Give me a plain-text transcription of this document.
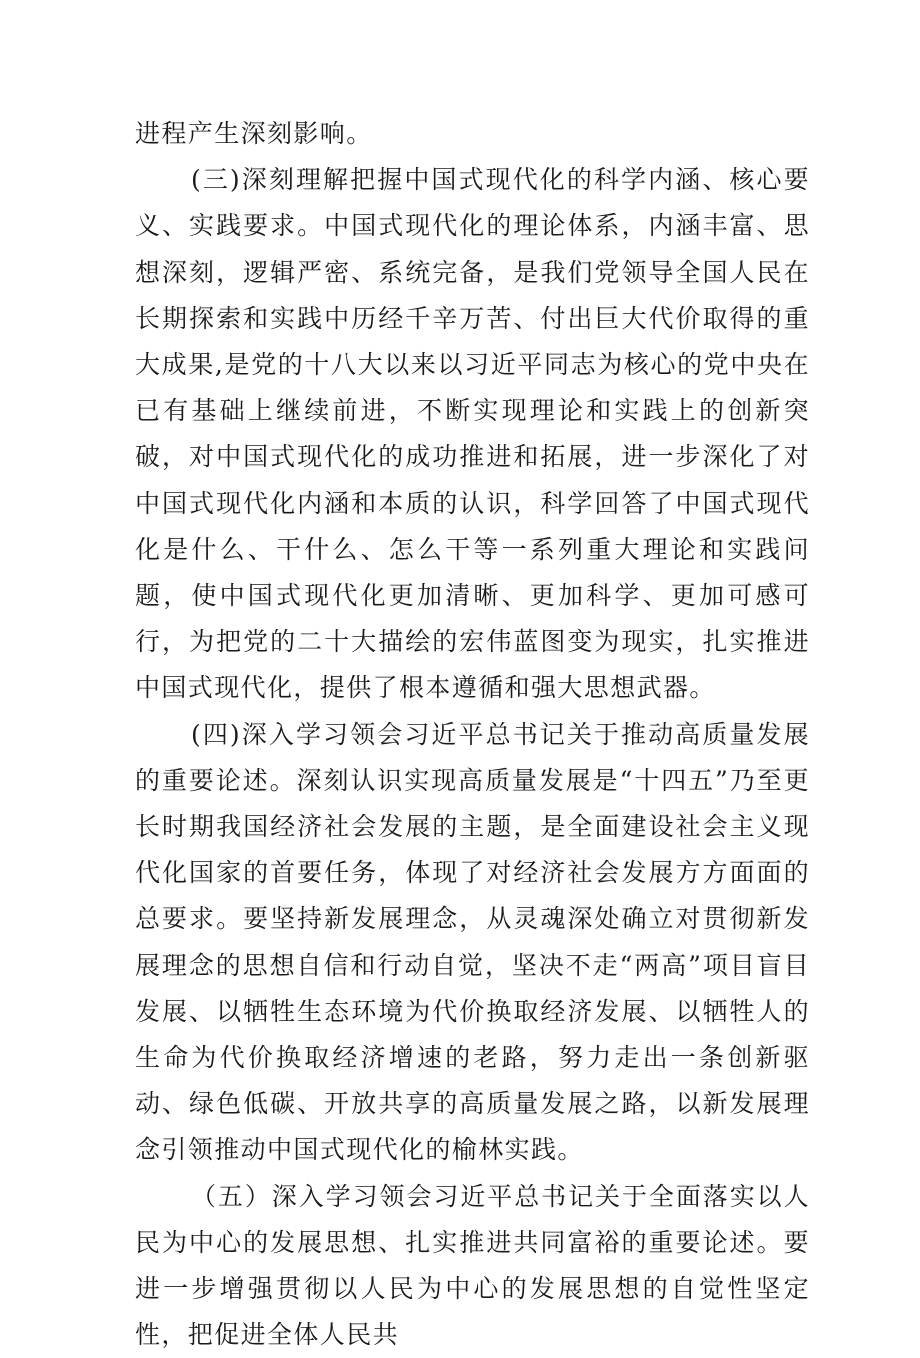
进程产生深刻影响。

(三)深刻理解把握中国式现代化的科学内涵、核心要义、实践要求。中国式现代化的理论体系，内涵丰富、思想深刻，逻辑严密、系统完备，是我们党领导全国人民在长期探索和实践中历经千辛万苦、付出巨大代价取得的重大成果,是党的十八大以来以习近平同志为核心的党中央在已有基础上继续前进，不断实现理论和实践上的创新突破，对中国式现代化的成功推进和拓展，进一步深化了对中国式现代化内涵和本质的认识，科学回答了中国式现代化是什么、干什么、怎么干等一系列重大理论和实践问题，使中国式现代化更加清晰、更加科学、更加可感可行，为把党的二十大描绘的宏伟蓝图变为现实，扎实推进中国式现代化，提供了根本遵循和强大思想武器。

(四)深入学习领会习近平总书记关于推动高质量发展的重要论述。深刻认识实现高质量发展是“十四五”乃至更长时期我国经济社会发展的主题，是全面建设社会主义现代化国家的首要任务，体现了对经济社会发展方方面面的总要求。要坚持新发展理念，从灵魂深处确立对贯彻新发展理念的思想自信和行动自觉，坚决不走“两高”项目盲目发展、以牺牲生态环境为代价换取经济发展、以牺牲人的生命为代价换取经济增速的老路，努力走出一条创新驱动、绿色低碳、开放共享的高质量发展之路，以新发展理念引领推动中国式现代化的榆林实践。

（五）深入学习领会习近平总书记关于全面落实以人民为中心的发展思想、扎实推进共同富裕的重要论述。要进一步增强贯彻以人民为中心的发展思想的自觉性坚定性，把促进全体人民共
